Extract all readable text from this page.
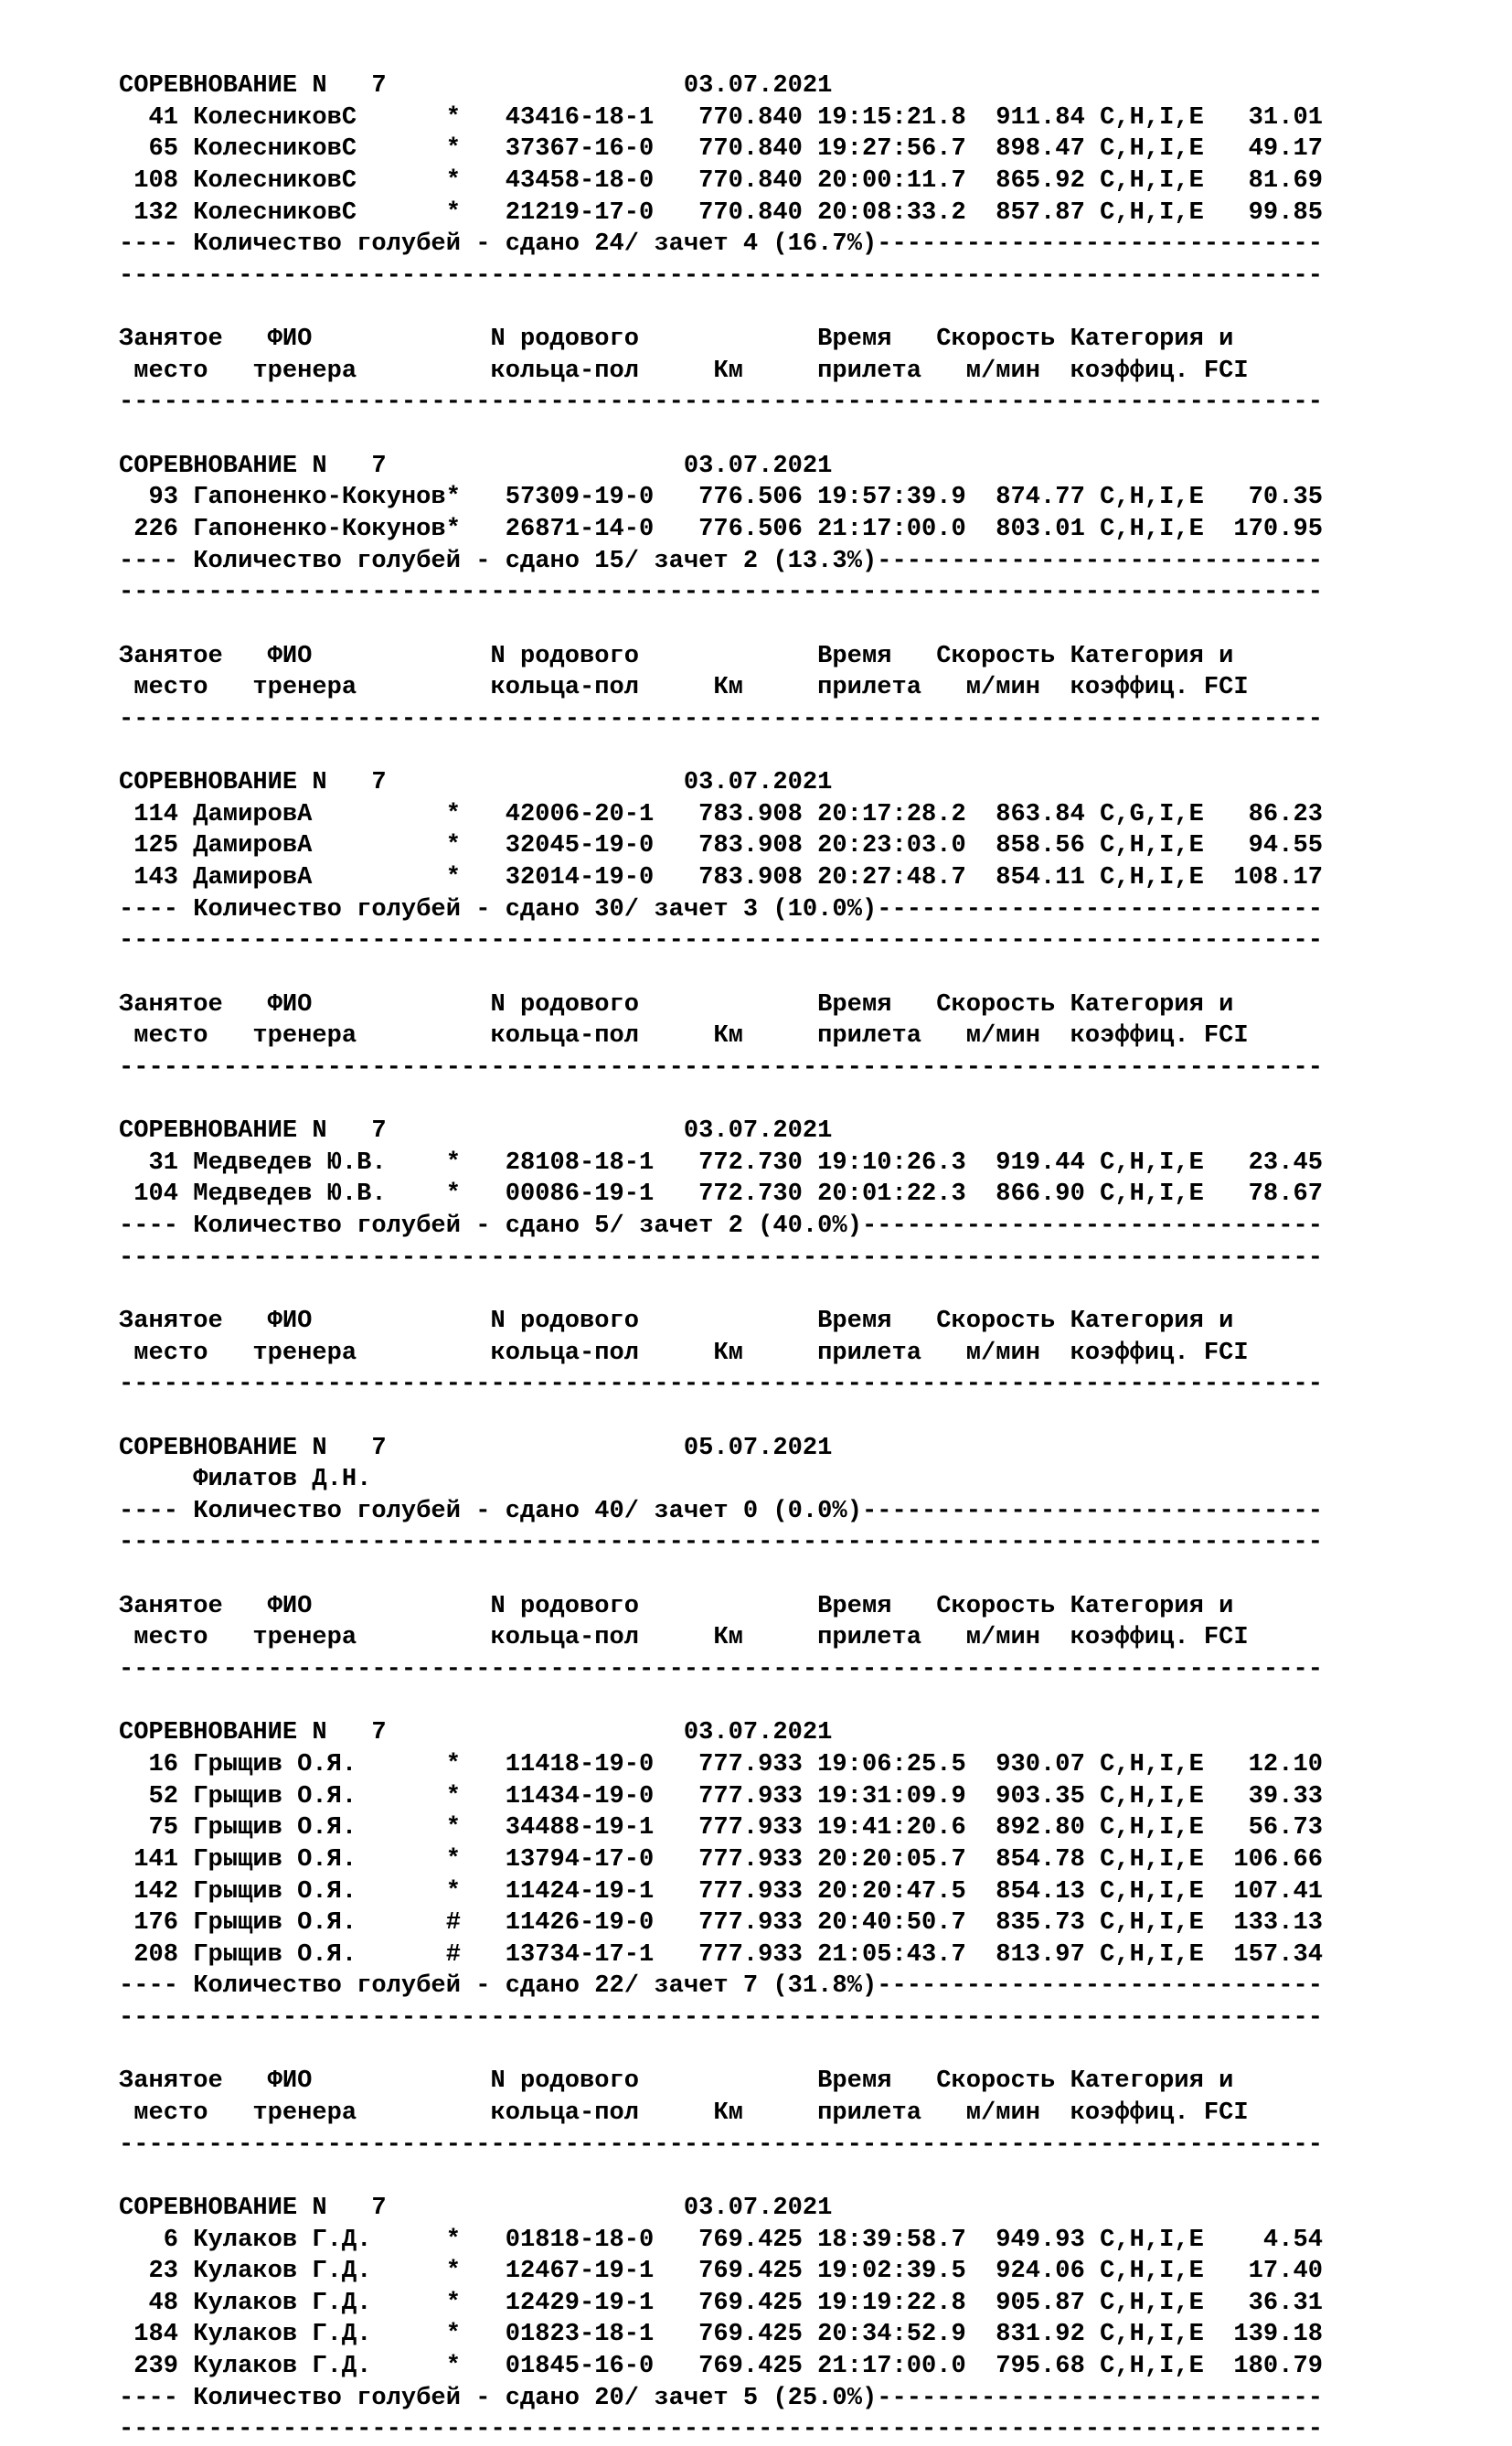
СОРЕВНОВАНИЕ N   7                    03.07.2021
41 КолесниковС      *   43416-18-1   770.840 19:15:21.8  911.84 C,H,I,E   31.01
65 КолесниковС      *   37367-16-0   770.840 19:27:56.7  898.47 C,H,I,E   49.17
108 КолесниковС      *   43458-18-0   770.840 20:00:11.7  865.92 C,H,I,E   81.69
132 КолесниковС      *   21219-17-0   770.840 20:08:33.2  857.87 C,H,I,E   99.85
---- Количество голубей - сдано 24/ зачет 4 (16.7%)------------------------------
---------------------------------------------------------------------------------
Занятое   ФИО            N родового            Время   Скорость Категория и
место   тренера         кольца-пол     Км     прилета   м/мин  коэффиц. FCI
---------------------------------------------------------------------------------
СОРЕВНОВАНИЕ N   7                    03.07.2021
93 Гапоненко-Кокунов*   57309-19-0   776.506 19:57:39.9  874.77 C,H,I,E   70.35
226 Гапоненко-Кокунов*   26871-14-0   776.506 21:17:00.0  803.01 C,H,I,E  170.95
---- Количество голубей - сдано 15/ зачет 2 (13.3%)------------------------------
---------------------------------------------------------------------------------
Занятое   ФИО            N родового            Время   Скорость Категория и
место   тренера         кольца-пол     Км     прилета   м/мин  коэффиц. FCI
---------------------------------------------------------------------------------
СОРЕВНОВАНИЕ N   7                    03.07.2021
114 ДамировА         *   42006-20-1   783.908 20:17:28.2  863.84 C,G,I,E   86.23
125 ДамировА         *   32045-19-0   783.908 20:23:03.0  858.56 C,H,I,E   94.55
143 ДамировА         *   32014-19-0   783.908 20:27:48.7  854.11 C,H,I,E  108.17
---- Количество голубей - сдано 30/ зачет 3 (10.0%)------------------------------
---------------------------------------------------------------------------------
Занятое   ФИО            N родового            Время   Скорость Категория и
место   тренера         кольца-пол     Км     прилета   м/мин  коэффиц. FCI
---------------------------------------------------------------------------------
СОРЕВНОВАНИЕ N   7                    03.07.2021
31 Медведев Ю.В.    *   28108-18-1   772.730 19:10:26.3  919.44 C,H,I,E   23.45
104 Медведев Ю.В.    *   00086-19-1   772.730 20:01:22.3  866.90 C,H,I,E   78.67
---- Количество голубей - сдано 5/ зачет 2 (40.0%)-------------------------------
---------------------------------------------------------------------------------
Занятое   ФИО            N родового            Время   Скорость Категория и
место   тренера         кольца-пол     Км     прилета   м/мин  коэффиц. FCI
---------------------------------------------------------------------------------
СОРЕВНОВАНИЕ N   7                    05.07.2021
Филатов Д.Н.
---- Количество голубей - сдано 40/ зачет 0 (0.0%)-------------------------------
---------------------------------------------------------------------------------
Занятое   ФИО            N родового            Время   Скорость Категория и
место   тренера         кольца-пол     Км     прилета   м/мин  коэффиц. FCI
---------------------------------------------------------------------------------
СОРЕВНОВАНИЕ N   7                    03.07.2021
16 Грыщив О.Я.      *   11418-19-0   777.933 19:06:25.5  930.07 C,H,I,E   12.10
52 Грыщив О.Я.      *   11434-19-0   777.933 19:31:09.9  903.35 C,H,I,E   39.33
75 Грыщив О.Я.      *   34488-19-1   777.933 19:41:20.6  892.80 C,H,I,E   56.73
141 Грыщив О.Я.      *   13794-17-0   777.933 20:20:05.7  854.78 C,H,I,E  106.66
142 Грыщив О.Я.      *   11424-19-1   777.933 20:20:47.5  854.13 C,H,I,E  107.41
176 Грыщив О.Я.      #   11426-19-0   777.933 20:40:50.7  835.73 C,H,I,E  133.13
208 Грыщив О.Я.      #   13734-17-1   777.933 21:05:43.7  813.97 C,H,I,E  157.34
---- Количество голубей - сдано 22/ зачет 7 (31.8%)------------------------------
---------------------------------------------------------------------------------
Занятое   ФИО            N родового            Время   Скорость Категория и
место   тренера         кольца-пол     Км     прилета   м/мин  коэффиц. FCI
---------------------------------------------------------------------------------
СОРЕВНОВАНИЕ N   7                    03.07.2021
6 Кулаков Г.Д.     *   01818-18-0   769.425 18:39:58.7  949.93 C,H,I,E    4.54
23 Кулаков Г.Д.     *   12467-19-1   769.425 19:02:39.5  924.06 C,H,I,E   17.40
48 Кулаков Г.Д.     *   12429-19-1   769.425 19:19:22.8  905.87 C,H,I,E   36.31
184 Кулаков Г.Д.     *   01823-18-1   769.425 20:34:52.9  831.92 C,H,I,E  139.18
239 Кулаков Г.Д.     *   01845-16-0   769.425 21:17:00.0  795.68 C,H,I,E  180.79
---- Количество голубей - сдано 20/ зачет 5 (25.0%)------------------------------
---------------------------------------------------------------------------------
